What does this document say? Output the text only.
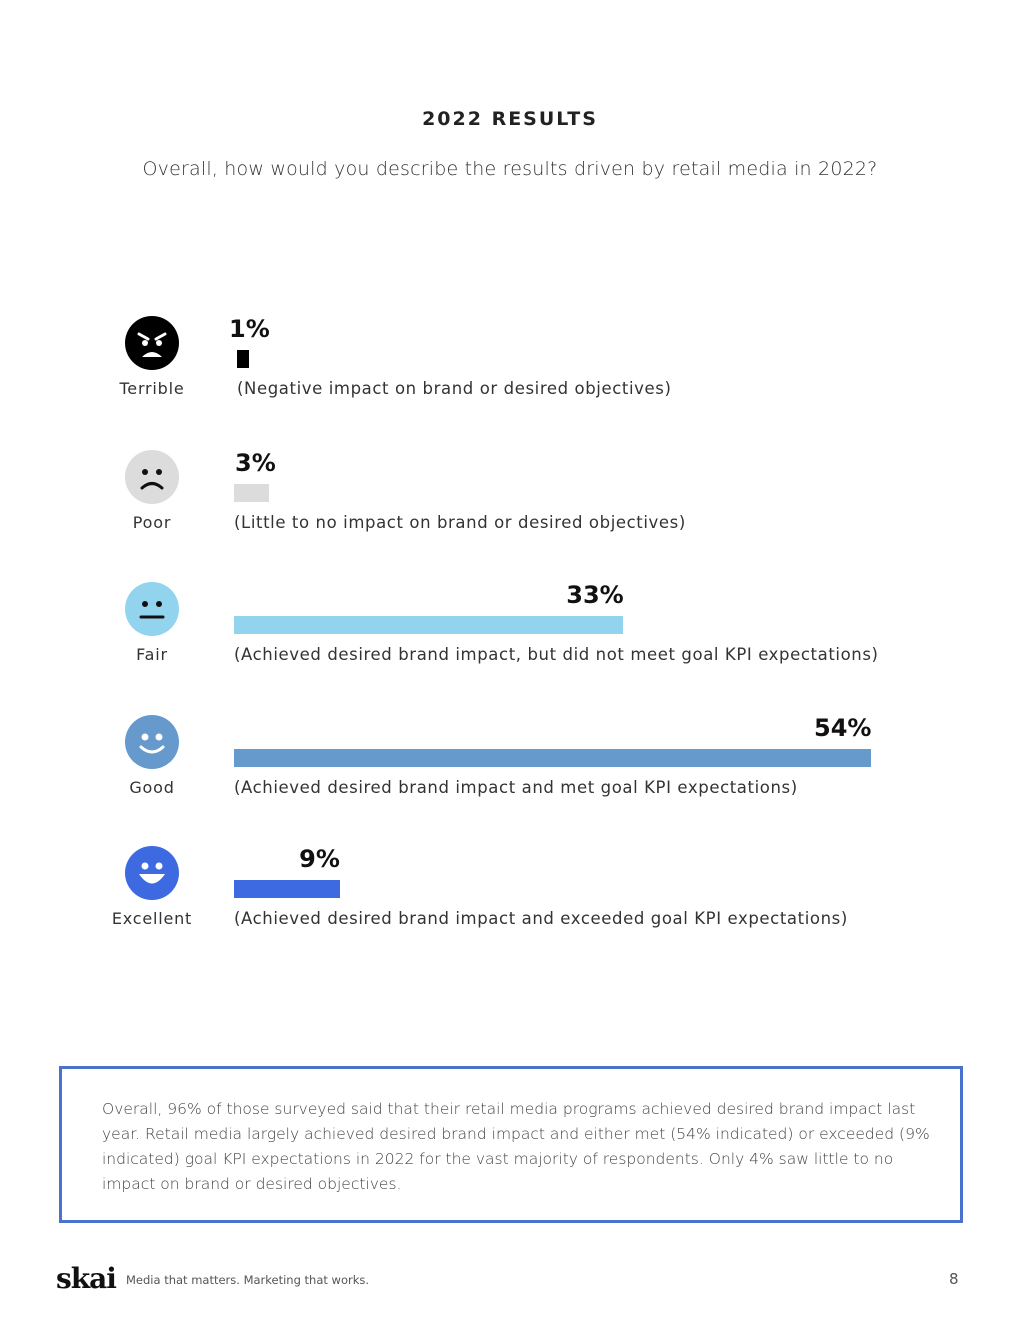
2022 RESULTS
Overall, how would you describe the results driven by retail media in 2022?
Terrible
1%
(Negative impact on brand or desired objectives)
Poor
3%
(Little to no impact on brand or desired objectives)
Fair
33%
(Achieved desired brand impact, but did not meet goal KPI expectations)
Good
54%
(Achieved desired brand impact and met goal KPI expectations)
Excellent
9%
(Achieved desired brand impact and exceeded goal KPI expectations)

Overall, 96% of those surveyed said that their retail media programs achieved desired brand impact last year. Retail media largely achieved desired brand impact and either met (54% indicated) or exceeded (9% indicated) goal KPI expectations in 2022 for the vast majority of respondents. Only 4% saw little to no impact on brand or desired objectives.

skai Media that matters. Marketing that works.	8
